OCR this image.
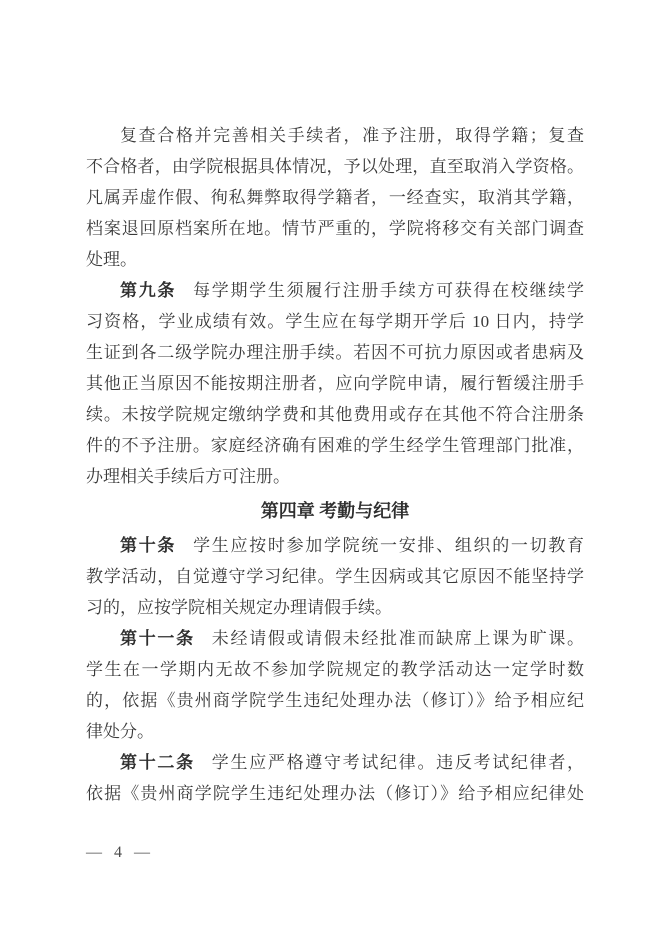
复查合格并完善相关手续者，准予注册，取得学籍；复查
不合格者，由学院根据具体情况，予以处理，直至取消入学资格。
凡属弄虚作假、徇私舞弊取得学籍者，一经查实，取消其学籍，
档案退回原档案所在地。情节严重的，学院将移交有关部门调查
处理。
第九条 每学期学生须履行注册手续方可获得在校继续学
习资格，学业成绩有效。学生应在每学期开学后 10 日内，持学
生证到各二级学院办理注册手续。若因不可抗力原因或者患病及
其他正当原因不能按期注册者，应向学院申请，履行暂缓注册手
续。未按学院规定缴纳学费和其他费用或存在其他不符合注册条
件的不予注册。家庭经济确有困难的学生经学生管理部门批准，
办理相关手续后方可注册。
第四章 考勤与纪律
第十条 学生应按时参加学院统一安排、组织的一切教育
教学活动，自觉遵守学习纪律。学生因病或其它原因不能坚持学
习的，应按学院相关规定办理请假手续。
第十一条 未经请假或请假未经批准而缺席上课为旷课。
学生在一学期内无故不参加学院规定的教学活动达一定学时数
的，依据《贵州商学院学生违纪处理办法（修订）》给予相应纪
律处分。
第十二条 学生应严格遵守考试纪律。违反考试纪律者，
依据《贵州商学院学生违纪处理办法（修订）》给予相应纪律处
— 4 —
